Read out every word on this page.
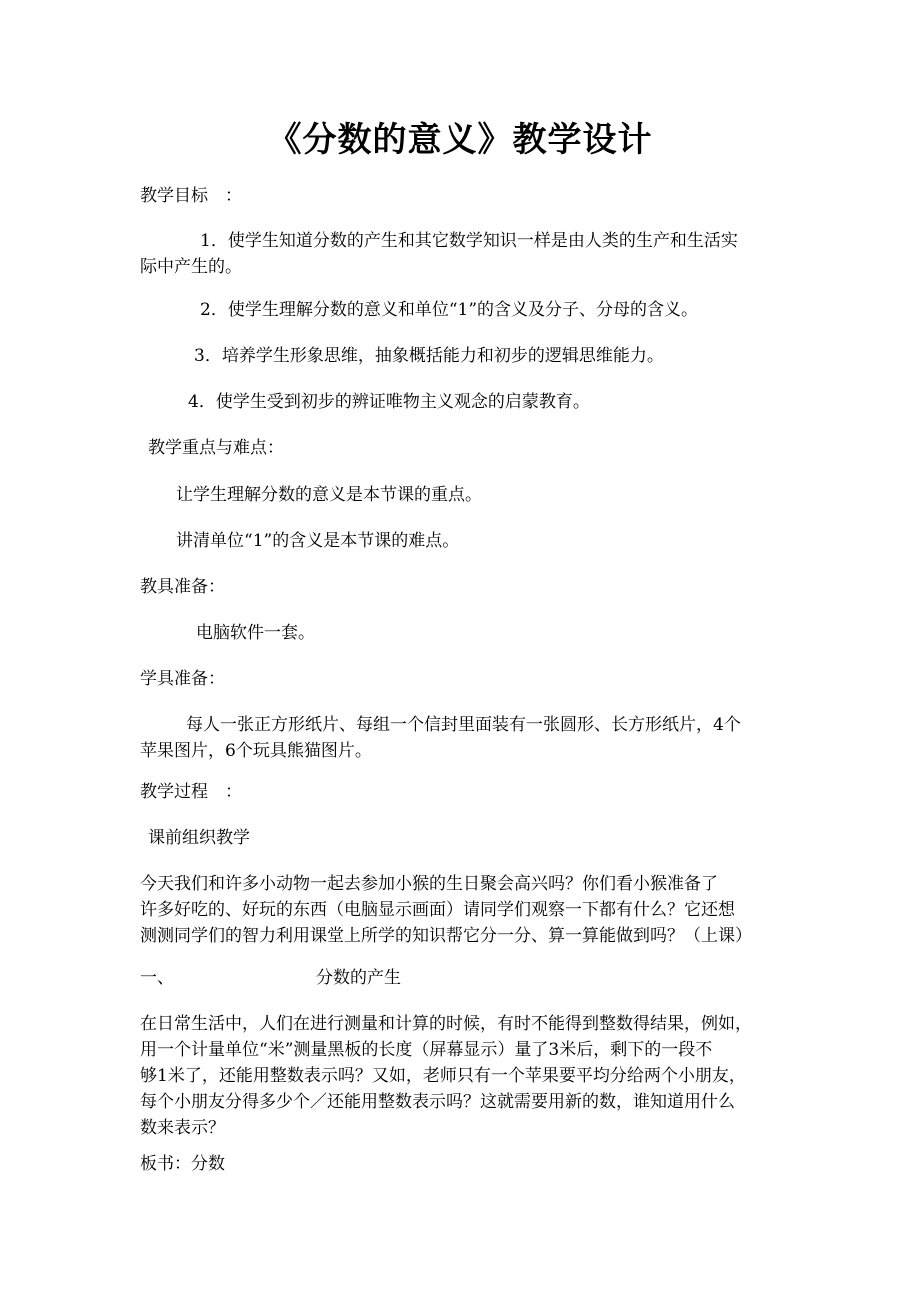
《分数的意义》教学设计

教学目标　：

1．使学生知道分数的产生和其它数学知识一样是由人类的生产和生活实
际中产生的。

2．使学生理解分数的意义和单位“1”的含义及分子、分母的含义。

3．培养学生形象思维，抽象概括能力和初步的逻辑思维能力。

4．使学生受到初步的辨证唯物主义观念的启蒙教育。

教学重点与难点：

让学生理解分数的意义是本节课的重点。

讲清单位“1”的含义是本节课的难点。

教具准备：

电脑软件一套。

学具准备：

每人一张正方形纸片、每组一个信封里面装有一张圆形、长方形纸片，4个
苹果图片，6个玩具熊猫图片。

教学过程　：

课前组织教学

今天我们和许多小动物一起去参加小猴的生日聚会高兴吗？你们看小猴准备了
许多好吃的、好玩的东西（电脑显示画面）请同学们观察一下都有什么？它还想
测测同学们的智力利用课堂上所学的知识帮它分一分、算一算能做到吗？（上课）

一、	分数的产生

在日常生活中，人们在进行测量和计算的时候，有时不能得到整数得结果，例如，
用一个计量单位“米”测量黑板的长度（屏幕显示）量了3米后，剩下的一段不
够1米了，还能用整数表示吗？又如，老师只有一个苹果要平均分给两个小朋友，
每个小朋友分得多少个／还能用整数表示吗？这就需要用新的数，谁知道用什么
数来表示？

板书：分数
